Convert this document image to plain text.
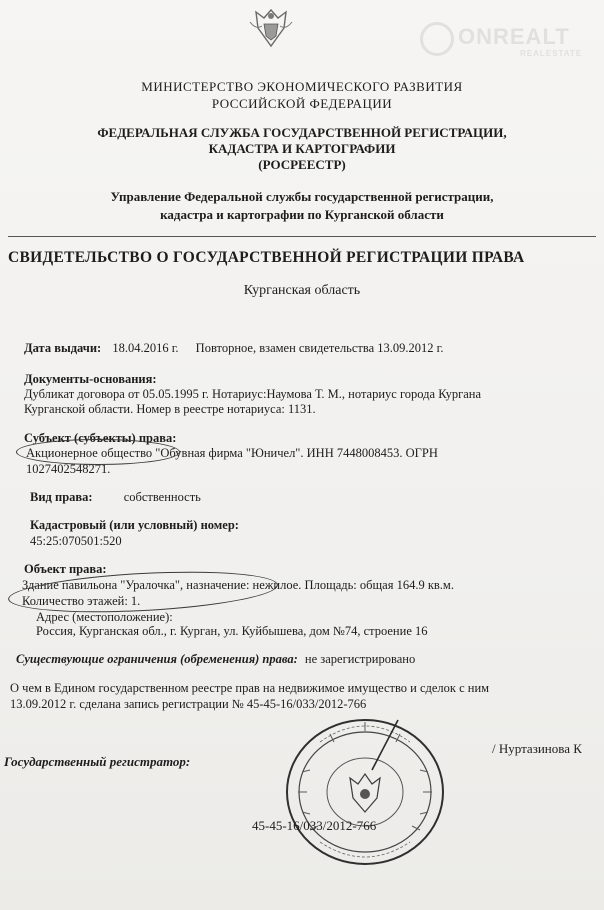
ONREALT
REALESTATE
МИНИСТЕРСТВО ЭКОНОМИЧЕСКОГО РАЗВИТИЯ
РОССИЙСКОЙ ФЕДЕРАЦИИ
ФЕДЕРАЛЬНАЯ СЛУЖБА ГОСУДАРСТВЕННОЙ РЕГИСТРАЦИИ,
КАДАСТРА И КАРТОГРАФИИ
(РОСРЕЕСТР)
Управление Федеральной службы государственной регистрации,
кадастра и картографии по Курганской области
СВИДЕТЕЛЬСТВО О ГОСУДАРСТВЕННОЙ РЕГИСТРАЦИИ ПРАВА
Курганская область
Дата выдачи: 18.04.2016 г. Повторное, взамен свидетельства 13.09.2012 г.
Документы-основания:
Дубликат договора от 05.05.1995 г. Нотариус:Наумова Т. М., нотариус города Кургана
Курганской области. Номер в реестре нотариуса: 1131.
Субъект (субъекты) права:
Акционерное общество "Обувная фирма "Юничел". ИНН 7448008453. ОГРН
1027402548271.
Вид права: собственность
Кадастровый (или условный) номер:
45:25:070501:520
Объект права:
Здание павильона "Уралочка", назначение: нежилое. Площадь: общая 164.9 кв.м.
Количество этажей: 1.
Адрес (местоположение):
Россия, Курганская обл., г. Курган, ул. Куйбышева, дом №74, строение 16
Существующие ограничения (обременения) права: не зарегистрировано
О чем в Едином государственном реестре прав на недвижимое имущество и сделок с ним
13.09.2012 г. сделана запись регистрации № 45-45-16/033/2012-766
Государственный регистратор:
/ Нуртазинова К
45-45-16/033/2012-766
